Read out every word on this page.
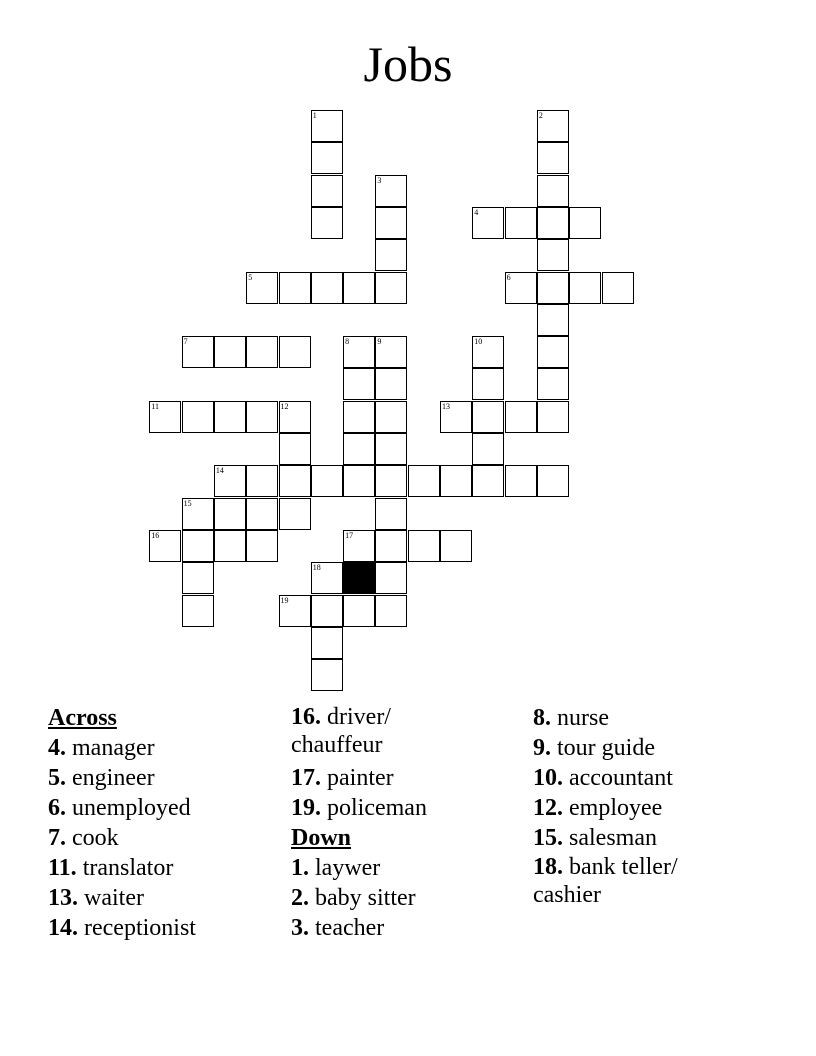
Jobs
1	2
3
4
5	6
7	8	9	10
11	12	13
14
15
16	17
18
19

Across

4. manager

5. engineer

6. unemployed

7. cook

11. translator

13. waiter

14. receptionist

16. driver/
chauffeur

17. painter

19. policeman

Down

1. laywer

2. baby sitter

3. teacher

8. nurse

9. tour guide

10. accountant

12. employee

15. salesman

18. bank teller/
cashier
